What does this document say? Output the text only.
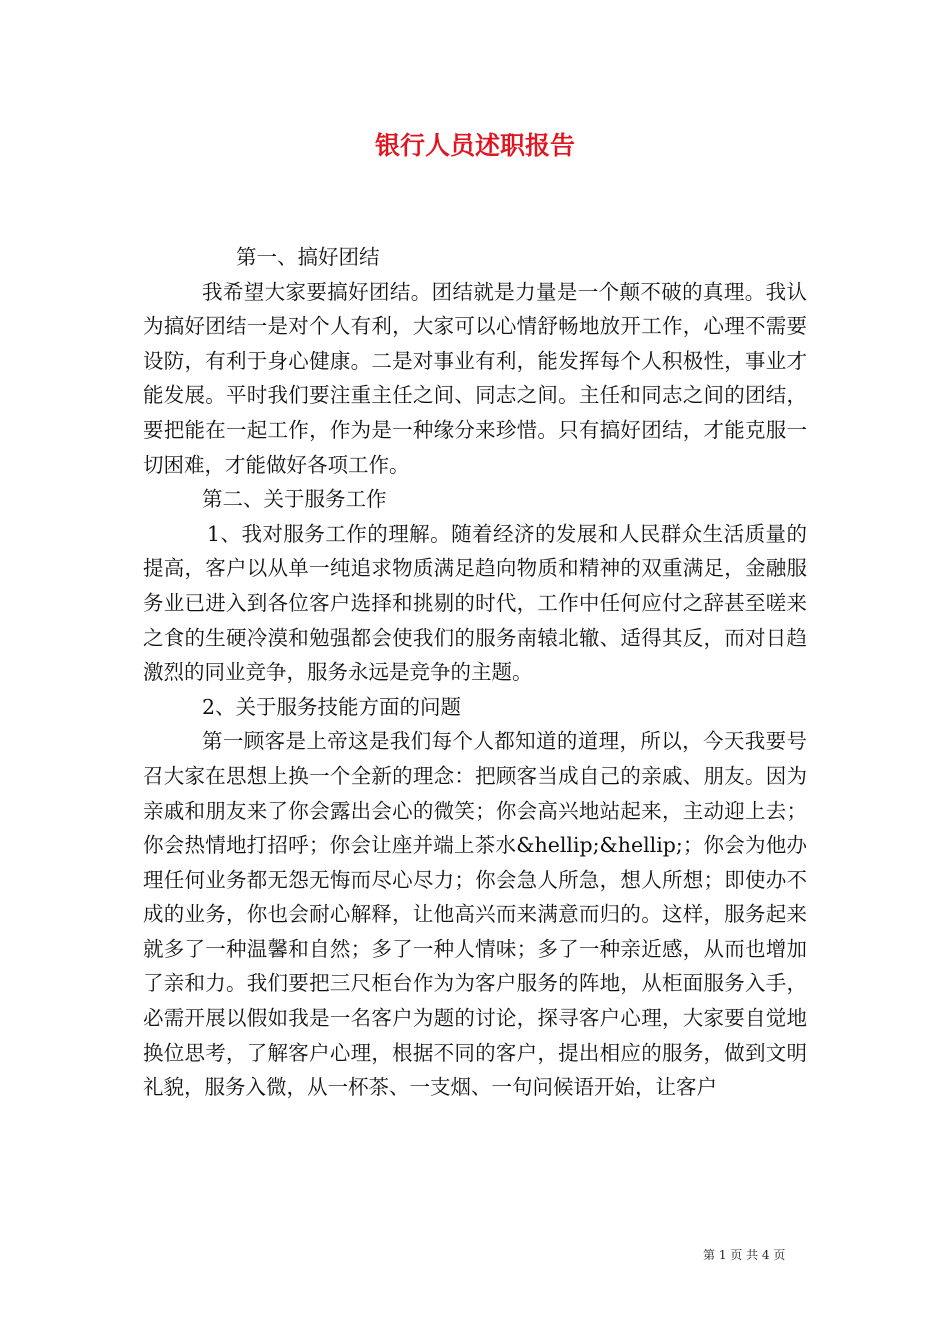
银行人员述职报告

第一、搞好团结

我希望大家要搞好团结。团结就是力量是一个颠不破的真理。我认为搞好团结一是对个人有利，大家可以心情舒畅地放开工作，心理不需要设防，有利于身心健康。二是对事业有利，能发挥每个人积极性，事业才能发展。平时我们要注重主任之间、同志之间。主任和同志之间的团结，要把能在一起工作，作为是一种缘分来珍惜。只有搞好团结，才能克服一切困难，才能做好各项工作。

第二、关于服务工作

1、我对服务工作的理解。随着经济的发展和人民群众生活质量的提高，客户以从单一纯追求物质满足趋向物质和精神的双重满足，金融服务业已进入到各位客户选择和挑剔的时代，工作中任何应付之辞甚至嗟来之食的生硬冷漠和勉强都会使我们的服务南辕北辙、适得其反，而对日趋激烈的同业竞争，服务永远是竞争的主题。

2、关于服务技能方面的问题

第一顾客是上帝这是我们每个人都知道的道理，所以，今天我要号召大家在思想上换一个全新的理念：把顾客当成自己的亲戚、朋友。因为亲戚和朋友来了你会露出会心的微笑；你会高兴地站起来，主动迎上去；你会热情地打招呼；你会让座并端上茶水&hellip;&hellip;；你会为他办理任何业务都无怨无悔而尽心尽力；你会急人所急，想人所想；即使办不成的业务，你也会耐心解释，让他高兴而来满意而归的。这样，服务起来就多了一种温馨和自然；多了一种人情味；多了一种亲近感，从而也增加了亲和力。我们要把三尺柜台作为为客户服务的阵地，从柜面服务入手，必需开展以假如我是一名客户为题的讨论，探寻客户心理，大家要自觉地换位思考，了解客户心理，根据不同的客户，提出相应的服务，做到文明礼貌，服务入微，从一杯茶、一支烟、一句问候语开始，让客户

第 1 页 共 4 页
